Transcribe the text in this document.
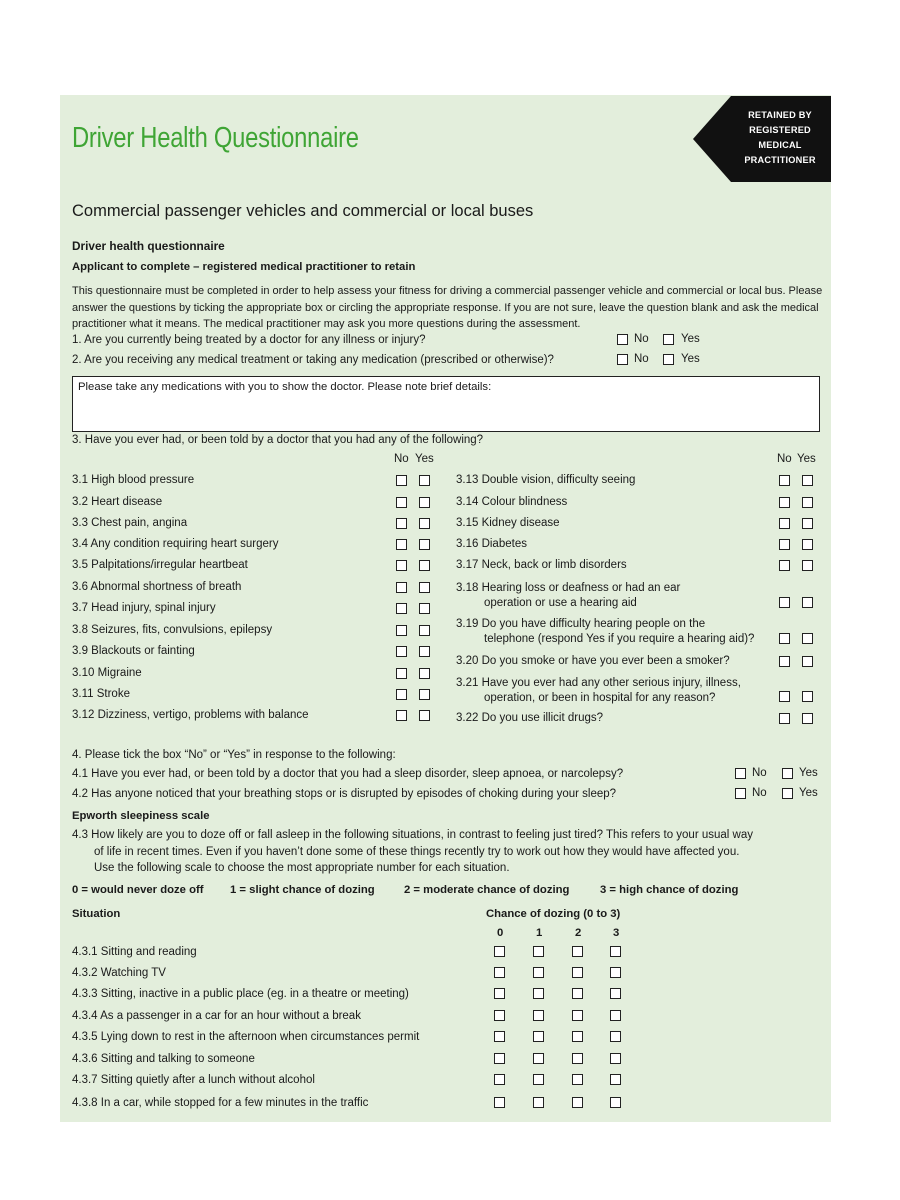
Driver Health Questionnaire
RETAINED BY
REGISTERED
MEDICAL
PRACTITIONER
Commercial passenger vehicles and commercial or local buses
Driver health questionnaire
Applicant to complete – registered medical practitioner to retain
This questionnaire must be completed in order to help assess your fitness for driving a commercial passenger vehicle and commercial or local bus. Please answer the questions by ticking the appropriate box or circling the appropriate response. If you are not sure, leave the question blank and ask the medical practitioner what it means. The medical practitioner may ask you more questions during the assessment.
1. Are you currently being treated by a doctor for any illness or injury?	No	Yes
2. Are you receiving any medical treatment or taking any medication (prescribed or otherwise)?	No	Yes
Please take any medications with you to show the doctor. Please note brief details:
3. Have you ever had, or been told by a doctor that you had any of the following?
No Yes	No Yes
3.1 High blood pressure
3.2 Heart disease
3.3 Chest pain, angina
3.4 Any condition requiring heart surgery
3.5 Palpitations/irregular heartbeat
3.6 Abnormal shortness of breath
3.7 Head injury, spinal injury
3.8 Seizures, fits, convulsions, epilepsy
3.9 Blackouts or fainting
3.10 Migraine
3.11 Stroke
3.12 Dizziness, vertigo, problems with balance
3.13 Double vision, difficulty seeing
3.14 Colour blindness
3.15 Kidney disease
3.16 Diabetes
3.17 Neck, back or limb disorders
3.18 Hearing loss or deafness or had an ear
operation or use a hearing aid
3.19 Do you have difficulty hearing people on the
telephone (respond Yes if you require a hearing aid)?
3.20 Do you smoke or have you ever been a smoker?
3.21 Have you ever had any other serious injury, illness,
operation, or been in hospital for any reason?
3.22 Do you use illicit drugs?
4. Please tick the box “No” or “Yes” in response to the following:
4.1 Have you ever had, or been told by a doctor that you had a sleep disorder, sleep apnoea, or narcolepsy?	No	Yes
4.2 Has anyone noticed that your breathing stops or is disrupted by episodes of choking during your sleep?	No	Yes
Epworth sleepiness scale
4.3 How likely are you to doze off or fall asleep in the following situations, in contrast to feeling just tired? This refers to your usual way
of life in recent times. Even if you haven’t done some of these things recently try to work out how they would have affected you.
Use the following scale to choose the most appropriate number for each situation.
0 = would never doze off 1 = slight chance of dozing	2 = moderate chance of dozing	3 = high chance of dozing
Situation	Chance of dozing (0 to 3)
0	1	2	3
4.3.1 Sitting and reading
4.3.2 Watching TV
4.3.3 Sitting, inactive in a public place (eg. in a theatre or meeting)
4.3.4 As a passenger in a car for an hour without a break
4.3.5 Lying down to rest in the afternoon when circumstances permit
4.3.6 Sitting and talking to someone
4.3.7 Sitting quietly after a lunch without alcohol
4.3.8 In a car, while stopped for a few minutes in the traffic
